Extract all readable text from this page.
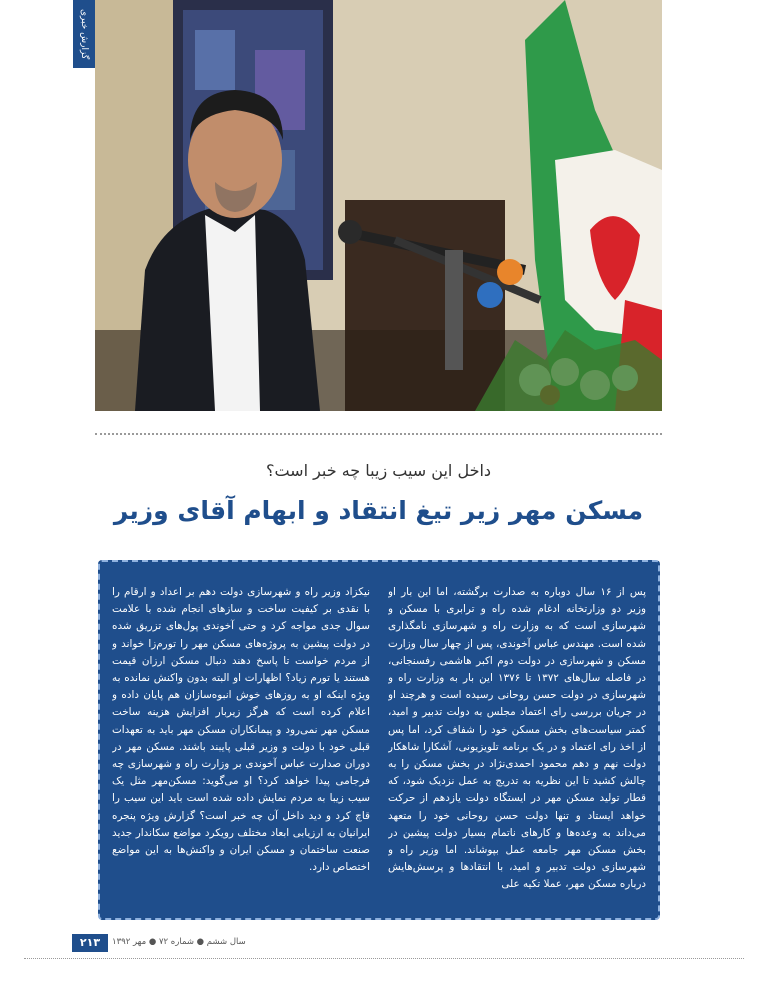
گزارش خبری
داخل این سیب زیبا چه خبر است؟
مسکن مهر زیر تیغ انتقاد و ابهام آقای وزیر
پس از ۱۶ سال دوباره به صدارت برگشته، اما این بار او وزیر دو وزارتخانه ادغام شده راه و ترابری با مسکن و شهرسازی است که به وزارت راه و شهرسازی نامگذاری شده است. مهندس عباس آخوندی، پس از چهار سال وزارت مسکن و شهرسازی در دولت دوم اکبر هاشمی رفسنجانی، در فاصله سال‌های ۱۳۷۲ تا ۱۳۷۶ این بار به وزارت راه و شهرسازی در دولت حسن روحانی رسیده است و هرچند او در جریان بررسی رای اعتماد مجلس به دولت تدبیر و امید، کمتر سیاست‌های بخش مسکن خود را شفاف کرد، اما پس از اخذ رای اعتماد و در یک برنامه تلویزیونی، آشکارا شاهکار دولت نهم و دهم محمود احمدی‌نژاد در بخش مسکن را به چالش کشید تا این نظریه به تدریج به عمل نزدیک شود، که قطار تولید مسکن مهر در ایستگاه دولت یازدهم از حرکت خواهد ایستاد و تنها دولت حسن روحانی خود را متعهد می‌داند به وعده‌ها و کارهای ناتمام بسیار دولت پیشین در بخش مسکن مهر جامعه عمل بپوشاند. اما وزیر راه و شهرسازی دولت تدبیر و امید، با انتقادها و پرسش‌هایش درباره مسکن مهر، عملا تکیه علی
نیکزاد وزیر راه و شهرسازی دولت دهم بر اعداد و ارقام را با نقدی بر کیفیت ساخت و سازهای انجام شده با علامت سوال جدی مواجه کرد و حتی آخوندی پول‌های تزریق شده در دولت پیشین به پروژه‌های مسکن مهر را تورم‌زا خواند و از مردم خواست تا پاسخ دهند دنبال مسکن ارزان قیمت هستند یا تورم زیاد؟ اظهارات او البته بدون واکنش نمانده به ویژه اینکه او به روزهای خوش انبوه‌سازان هم پایان داده و اعلام کرده است که هرگز زیربار افزایش هزینه ساخت مسکن مهر نمی‌رود و پیمانکاران مسکن مهر باید به تعهدات قبلی خود با دولت و وزیر قبلی پایبند باشند. مسکن مهر در دوران صدارت عباس آخوندی بر وزارت راه و شهرسازی چه فرجامی پیدا خواهد کرد؟ او می‌گوید: مسکن‌مهر مثل یک سیب زیبا به مردم نمایش داده شده است باید این سیب را قاچ کرد و دید داخل آن چه خبر است؟ گزارش ویژه پنجره ایرانیان به ارزیابی ابعاد مختلف رویکرد مواضع سکاندار جدید صنعت ساختمان و مسکن ایران و واکنش‌ها به این مواضع اختصاص دارد.
۲۱۳	سال ششم ● شماره ۷۲ ● مهر ۱۳۹۲
